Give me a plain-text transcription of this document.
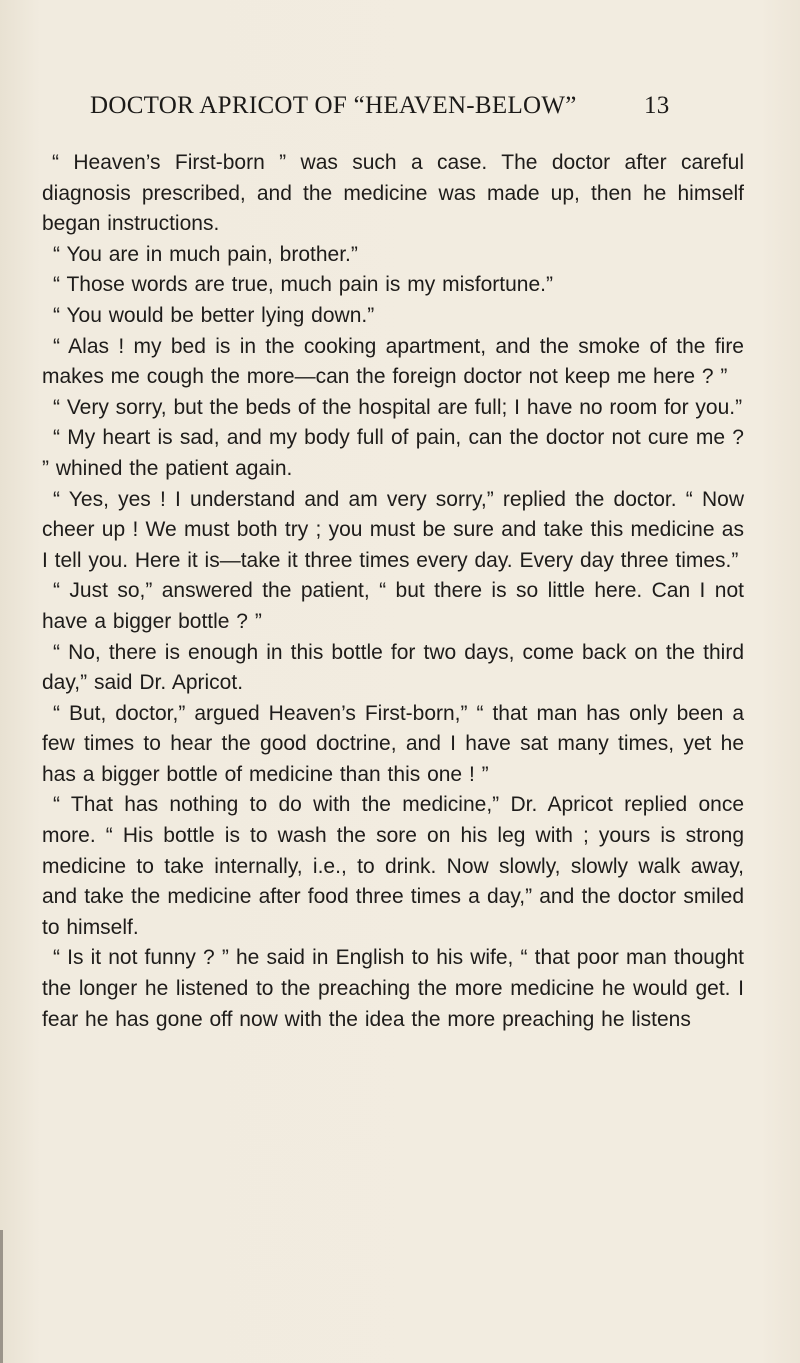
DOCTOR APRICOT OF “HEAVEN-BELOW”	13

“ Heaven’s First-born ” was such a case. The doctor after careful diagnosis prescribed, and the medicine was made up, then he himself began instructions.

“ You are in much pain, brother.”

“ Those words are true, much pain is my misfortune.”

“ You would be better lying down.”

“ Alas ! my bed is in the cooking apartment, and the smoke of the fire makes me cough the more—can the foreign doctor not keep me here ? ”

“ Very sorry, but the beds of the hospital are full; I have no room for you.”

“ My heart is sad, and my body full of pain, can the doctor not cure me ? ” whined the patient again.

“ Yes, yes ! I understand and am very sorry,” replied the doctor. “ Now cheer up ! We must both try ; you must be sure and take this medicine as I tell you. Here it is—take it three times every day. Every day three times.”

“ Just so,” answered the patient, “ but there is so little here. Can I not have a bigger bottle ? ”

“ No, there is enough in this bottle for two days, come back on the third day,” said Dr. Apricot.

“ But, doctor,” argued Heaven’s First-born,” “ that man has only been a few times to hear the good doctrine, and I have sat many times, yet he has a bigger bottle of medicine than this one ! ”

“ That has nothing to do with the medicine,” Dr. Apricot replied once more. “ His bottle is to wash the sore on his leg with ; yours is strong medicine to take internally, i.e., to drink. Now slowly, slowly walk away, and take the medicine after food three times a day,” and the doctor smiled to himself.

“ Is it not funny ? ” he said in English to his wife, “ that poor man thought the longer he listened to the preaching the more medicine he would get. I fear he has gone off now with the idea the more preaching he listens
